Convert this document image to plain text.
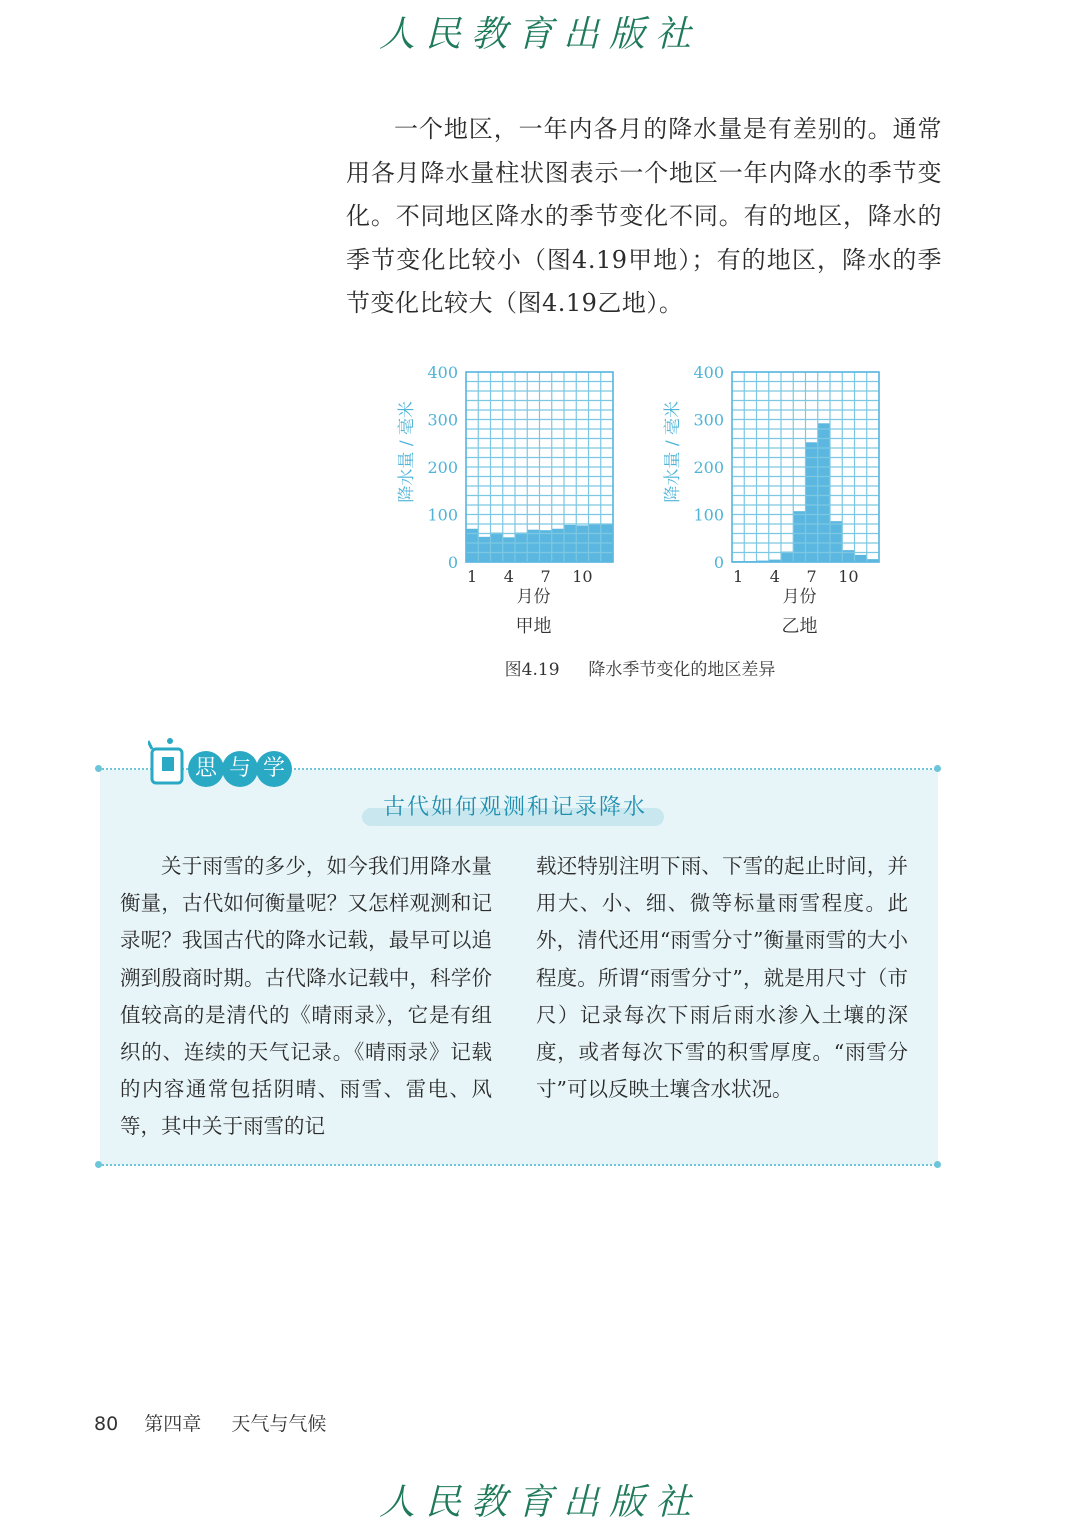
人民教育出版社

一个地区，一年内各月的降水量是有差别的。通常用各月降水量柱状图表示一个地区一年内降水的季节变化。不同地区降水的季节变化不同。有的地区，降水的季节变化比较小（图4.19甲地）；有的地区，降水的季节变化比较大（图4.19乙地）。

0
100
200
300
400
1 4 7 10
月份
甲地
降水量 / 毫米
0
100
200
300
400
1 4 7 10
月份
乙地
降水量 / 毫米
图4.19 降水季节变化的地区差异
思 与 学
古代如何观测和记录降水

关于雨雪的多少，如今我们用降水量衡量，古代如何衡量呢？又怎样观测和记录呢？我国古代的降水记载，最早可以追溯到殷商时期。古代降水记载中，科学价值较高的是清代的《晴雨录》，它是有组织的、连续的天气记录。《晴雨录》记载的内容通常包括阴晴、雨雪、雷电、风等，其中关于雨雪的记

载还特别注明下雨、下雪的起止时间，并用大、小、细、微等标量雨雪程度。此外，清代还用“雨雪分寸”衡量雨雪的大小程度。所谓“雨雪分寸”，就是用尺寸（市尺）记录每次下雨后雨水渗入土壤的深度，或者每次下雪的积雪厚度。“雨雪分寸”可以反映土壤含水状况。

80 第四章 天气与气候
人民教育出版社
